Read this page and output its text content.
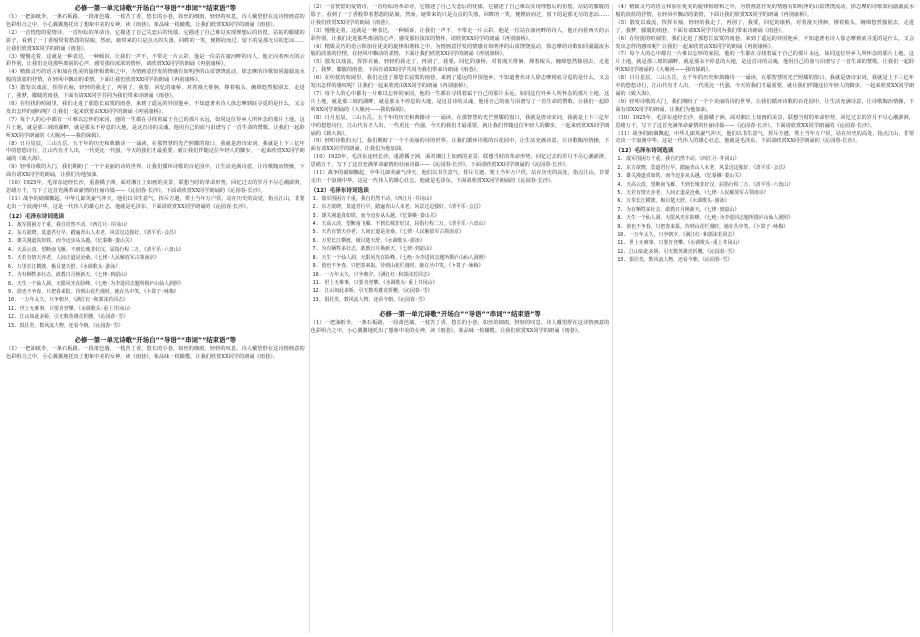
必修一第一单元诗歌“开场白”“导语”“串词”“结束语”等

（1）一把油纸伞，一条石板路，一段莆芭墙，一枝苦丁香，悠长的小巷，如丝的细雨，轻轻的叹息。诗人戴望舒在这诗情画意的色彩组合之中，小心翼翼地托出了想象中美的女神，读《雨巷》，象品味一枚橄榄。让我们欣赏XX同学的朗诵《雨巷》。

（2）一首恍惚的爱情诗，一首纷纭的革命诗，它描述了自己失恋后的忧郁，它描述了自己难以实现理想后的彷徨。站姑的朦胧的影子，看到了一丁香般带着愁怨的姑娘。然而，她带来的只是点点的失落，回眸的一笑，便擦肩而过，留下的是那无尽的悲凉……让我们欣赏XX同学的朗诵《雨巷》。

（3）慢慢走着，这就是一种表达，一种倾诉，让我们一声不，不带走一片云彩。他是一位站在康河畔的诗人，他正向着西天的云彩作别，让我们走进那些离别的心声，感受那份浓浓的情怀，请欣赏XX同学的朗诵《再别康桥》。

（4）精致灵巧的语言和加在优美的旋律相谐和之中，为情画意抒发的情感有如明净的山泉饶饶流动，徐志摩的诗歌如同潺潺流水般的淡蓝的抒情，在轻风中飘动的柔情，下面让我们欣赏XX同学的朗诵《再别康桥》。

（5）散发以戏流，挥挥衣袖，轻轻的我走了，再别了，我要，回忆的康桥，对着漫天徘徊，撑着梳头，缠绵悠然独别去，走进了，我梦，朦胧的雨巷，下面有请XX同学共同为我们带来诗朗诵《雨巷》。

（6）在纷扰的喧闹里，我们走进了那悠长寂寞的雨巷，来到了遥远的异国他乡，不知道著名诗人徐志摩到底寻觅的是什么，又会发出怎样的感叹呢？让我们一起来欣赏由XX同学的朗诵《再别康桥》。

（7）每个人的心中都有一片难以忘怀的家园，他的一生都在寻找着属于自己的那片永远，如同这位异乡人所怀念的那片土地。这片土地，就是那三坡的湖畔，就是那永不停息的大地，是这首诗的灵魂，他用自己的血与泪谱写了一首生命的赞歌。让我们一起聆听XX同学朗诵的《大堰河——我的保姆》。

（8）日月星辰，三山五岳。五千年的历史和典籍诗一一诵读，在那智慧的光芒照耀的窗口，我就是唐诗宋词，我就是上下三亿年中的悠悠诗行，江山代有才人出，一代更比一代强，今天的我们才最重要，就让我们伴随这位年轻人的脚步，一起来欣赏XX同学朗诵的《致大海》。

（9）轻叩诗歌的大门，我们期盼了一个个美丽的诗的世界。让我们循环诗歌的百花园中，让生活充满诗意，让诗歌陶冶情操，下面有请XX同学的朗诵，让我们为他加油。

（10）1925年，毛泽东途经长沙，重游橘子洲，面对湘江上如画的美景，联想当时的革命形势，回忆过去的岁月不尽心潮澎湃，思绪万千，写下了这首充满革命豪情的壮丽诗篇——《沁园春·长沙》。下面请欣赏XX同学朗诵的《沁园春·长沙》。

（11）战争的硝烟飘起，中华儿郎英豪气冲天，他们以书生意气，挥斥方遒，粪土当年万户侯。站在历史的高处，指点江山，非要走出一个浪漫中华。这是一代伟人的雄心壮志，他就是毛泽东，下面请欣赏XX同学朗诵的《沁园春·长沙》。

（12）毛泽东诗词选读
1. 敌军围困万千重，我自岿然不动。《西江月·井冈山》
2. 东方欲晓，莫道君行早。踏遍青山人未老，风景这边独好。《清平乐·会昌》
3. 雄关漫道真如铁，而今迈步从头越。《忆秦娥·娄山关》
4. 天高云淡，望断南飞雁。不到长城非好汉，屈指行程二万。《清平乐·六盘山》
5. 天若有情天亦老，人间正道是沧桑。《七律·人民解放军占领南京》
6. 万里长江横渡，极目楚天舒。《水调歌头·游泳》
7. 为有牺牲多壮志，敢教日月换新天。《七律·到韶山》
8. 天生一个仙人洞，无限风光在险峰。《七绝·为李进同志题所摄庐山仙人洞照》
9. 俏也不争春，只把春来报。待到山花烂漫时，她在丛中笑。《卜算子·咏梅》
10. 一万年太久，只争朝夕。《满江红·和郭沫若同志》
11. 世上无难事，只要肯登攀。《水调歌头·重上井冈山》
12. 江山如此多娇，引无数英雄竞折腰。《沁园春·雪》
13. 俱往矣，数风流人物，还看今朝。《沁园春·雪》
必修一第一单元诗歌“开场白”“导语”“串词”“结束语”等

（1）一把油纸伞，一条石板路，一段莆芭墙，一枝苦丁香，悠长的小巷，如丝的细雨，轻轻的叹息。诗人戴望舒在这诗情画意的色彩组合之中，小心翼翼地托出了想象中美的女神，读《雨巷》，象品味一枚橄榄。让我们欣赏XX同学的朗诵《雨巷》。

（2）一首恍惚的爱情诗，一首纷纭的革命诗，它描述了自己失恋后的忧郁，它描述了自己难以实现理想后的彷徨。站姑的朦胧的影子，看到了一丁香般带着愁怨的姑娘。然而，她带来的只是点点的失落，回眸的一笑，便擦肩而过，留下的是那无尽的悲凉……让我们欣赏XX同学的朗诵《雨巷》。

（3）慢慢走着，这就是一种表达，一种倾诉，让我们一声不，不带走一片云彩。他是一位站在康河畔的诗人，他正向着西天的云彩作别，让我们走进那些离别的心声，感受那份浓浓的情怀，请欣赏XX同学的朗诵《再别康桥》。

（4）精致灵巧的语言和加在优美的旋律相谐和之中，为情画意抒发的情感有如明净的山泉饶饶流动，徐志摩的诗歌如同潺潺流水般的淡蓝的抒情，在轻风中飘动的柔情，下面让我们欣赏XX同学的朗诵《再别康桥》。

（5）散发以戏流，挥挥衣袖，轻轻的我走了，再别了，我要，回忆的康桥，对着漫天徘徊，撑着梳头，缠绵悠然独别去，走进了，我梦，朦胧的雨巷，下面有请XX同学共同为我们带来诗朗诵《雨巷》。

（6）在纷扰的喧闹里，我们走进了那悠长寂寞的雨巷，来到了遥远的异国他乡，不知道著名诗人徐志摩到底寻觅的是什么，又会发出怎样的感叹呢？让我们一起来欣赏由XX同学的朗诵《再别康桥》。

（7）每个人的心中都有一片难以忘怀的家园，他的一生都在寻找着属于自己的那片永远，如同这位异乡人所怀念的那片土地。这片土地，就是那三坡的湖畔，就是那永不停息的大地，是这首诗的灵魂，他用自己的血与泪谱写了一首生命的赞歌。让我们一起聆听XX同学朗诵的《大堰河——我的保姆》。

（8）日月星辰，三山五岳。五千年的历史和典籍诗一一诵读，在那智慧的光芒照耀的窗口，我就是唐诗宋词，我就是上下三亿年中的悠悠诗行，江山代有才人出，一代更比一代强，今天的我们才最重要，就让我们伴随这位年轻人的脚步，一起来欣赏XX同学朗诵的《致大海》。

（9）轻叩诗歌的大门，我们期盼了一个个美丽的诗的世界。让我们循环诗歌的百花园中，让生活充满诗意，让诗歌陶冶情操，下面有请XX同学的朗诵，让我们为他加油。

（10）1925年，毛泽东途经长沙，重游橘子洲，面对湘江上如画的美景，联想当时的革命形势，回忆过去的岁月不尽心潮澎湃，思绪万千，写下了这首充满革命豪情的壮丽诗篇——《沁园春·长沙》。下面请欣赏XX同学朗诵的《沁园春·长沙》。

（11）战争的硝烟飘起，中华儿郎英豪气冲天，他们以书生意气，挥斥方遒，粪土当年万户侯。站在历史的高处，指点江山，非要走出一个浪漫中华。这是一代伟人的雄心壮志，他就是毛泽东，下面请欣赏XX同学朗诵的《沁园春·长沙》。

（12）毛泽东诗词选读
1. 敌军围困万千重，我自岿然不动。《西江月·井冈山》
2. 东方欲晓，莫道君行早。踏遍青山人未老，风景这边独好。《清平乐·会昌》
3. 雄关漫道真如铁，而今迈步从头越。《忆秦娥·娄山关》
4. 天高云淡，望断南飞雁。不到长城非好汉，屈指行程二万。《清平乐·六盘山》
5. 天若有情天亦老，人间正道是沧桑。《七律·人民解放军占领南京》
6. 万里长江横渡，极目楚天舒。《水调歌头·游泳》
7. 为有牺牲多壮志，敢教日月换新天。《七律·到韶山》
8. 天生一个仙人洞，无限风光在险峰。《七绝·为李进同志题所摄庐山仙人洞照》
9. 俏也不争春，只把春来报。待到山花烂漫时，她在丛中笑。《卜算子·咏梅》
10. 一万年太久，只争朝夕。《满江红·和郭沫若同志》
11. 世上无难事，只要肯登攀。《水调歌头·重上井冈山》
12. 江山如此多娇，引无数英雄竞折腰。《沁园春·雪》
13. 俱往矣，数风流人物，还看今朝。《沁园春·雪》
必修一第一单元诗歌“开场白”“导语”“串词”“结束语”等

（1）一把油纸伞，一条石板路，一段莆芭墙，一枝苦丁香，悠长的小巷，如丝的细雨，轻轻的叹息。诗人戴望舒在这诗情画意的色彩组合之中，小心翼翼地托出了想象中美的女神，读《雨巷》，象品味一枚橄榄。让我们欣赏XX同学的朗诵《雨巷》。

（4）精致灵巧的语言和加在优美的旋律相谐和之中，为情画意抒发的情感有如明净的山泉饶饶流动，徐志摩的诗歌如同潺潺流水般的淡蓝的抒情，在轻风中飘动的柔情，下面让我们欣赏XX同学的朗诵《再别康桥》。

（5）散发以戏流，挥挥衣袖，轻轻的我走了，再别了，我要，回忆的康桥，对着漫天徘徊，撑着梳头，缠绵悠然独别去，走进了，我梦，朦胧的雨巷，下面有请XX同学共同为我们带来诗朗诵《雨巷》。

（6）在纷扰的喧闹里，我们走进了那悠长寂寞的雨巷，来到了遥远的异国他乡，不知道著名诗人徐志摩到底寻觅的是什么，又会发出怎样的感叹呢？让我们一起来欣赏由XX同学的朗诵《再别康桥》。

（7）每个人的心中都有一片难以忘怀的家园，他的一生都在寻找着属于自己的那片永远，如同这位异乡人所怀念的那片土地。这片土地，就是那三坡的湖畔，就是那永不停息的大地，是这首诗的灵魂，他用自己的血与泪谱写了一首生命的赞歌。让我们一起聆听XX同学朗诵的《大堰河——我的保姆》。

（8）日月星辰，三山五岳。五千年的历史和典籍诗一一诵读，在那智慧的光芒照耀的窗口，我就是唐诗宋词，我就是上下三亿年中的悠悠诗行，江山代有才人出，一代更比一代强，今天的我们才最重要，就让我们伴随这位年轻人的脚步，一起来欣赏XX同学朗诵的《致大海》。

（9）轻叩诗歌的大门，我们期盼了一个个美丽的诗的世界。让我们循环诗歌的百花园中，让生活充满诗意，让诗歌陶冶情操，下面有请XX同学的朗诵，让我们为他加油。

（10）1925年，毛泽东途经长沙，重游橘子洲，面对湘江上如画的美景，联想当时的革命形势，回忆过去的岁月不尽心潮澎湃，思绪万千，写下了这首充满革命豪情的壮丽诗篇——《沁园春·长沙》。下面请欣赏XX同学朗诵的《沁园春·长沙》。

（11）战争的硝烟飘起，中华儿郎英豪气冲天，他们以书生意气，挥斥方遒，粪土当年万户侯。站在历史的高处，指点江山，非要走出一个浪漫中华。这是一代伟人的雄心壮志，他就是毛泽东，下面请欣赏XX同学朗诵的《沁园春·长沙》。

（12）毛泽东诗词选读
1. 敌军围困万千重，我自岿然不动。《西江月·井冈山》
2. 东方欲晓，莫道君行早。踏遍青山人未老，风景这边独好。《清平乐·会昌》
3. 雄关漫道真如铁，而今迈步从头越。《忆秦娥·娄山关》
4. 天高云淡，望断南飞雁。不到长城非好汉，屈指行程二万。《清平乐·六盘山》
5. 天若有情天亦老，人间正道是沧桑。《七律·人民解放军占领南京》
6. 万里长江横渡，极目楚天舒。《水调歌头·游泳》
7. 为有牺牲多壮志，敢教日月换新天。《七律·到韶山》
8. 天生一个仙人洞，无限风光在险峰。《七绝·为李进同志题所摄庐山仙人洞照》
9. 俏也不争春，只把春来报。待到山花烂漫时，她在丛中笑。《卜算子·咏梅》
10. 一万年太久，只争朝夕。《满江红·和郭沫若同志》
11. 世上无难事，只要肯登攀。《水调歌头·重上井冈山》
12. 江山如此多娇，引无数英雄竞折腰。《沁园春·雪》
13. 俱往矣，数风流人物，还看今朝。《沁园春·雪》
